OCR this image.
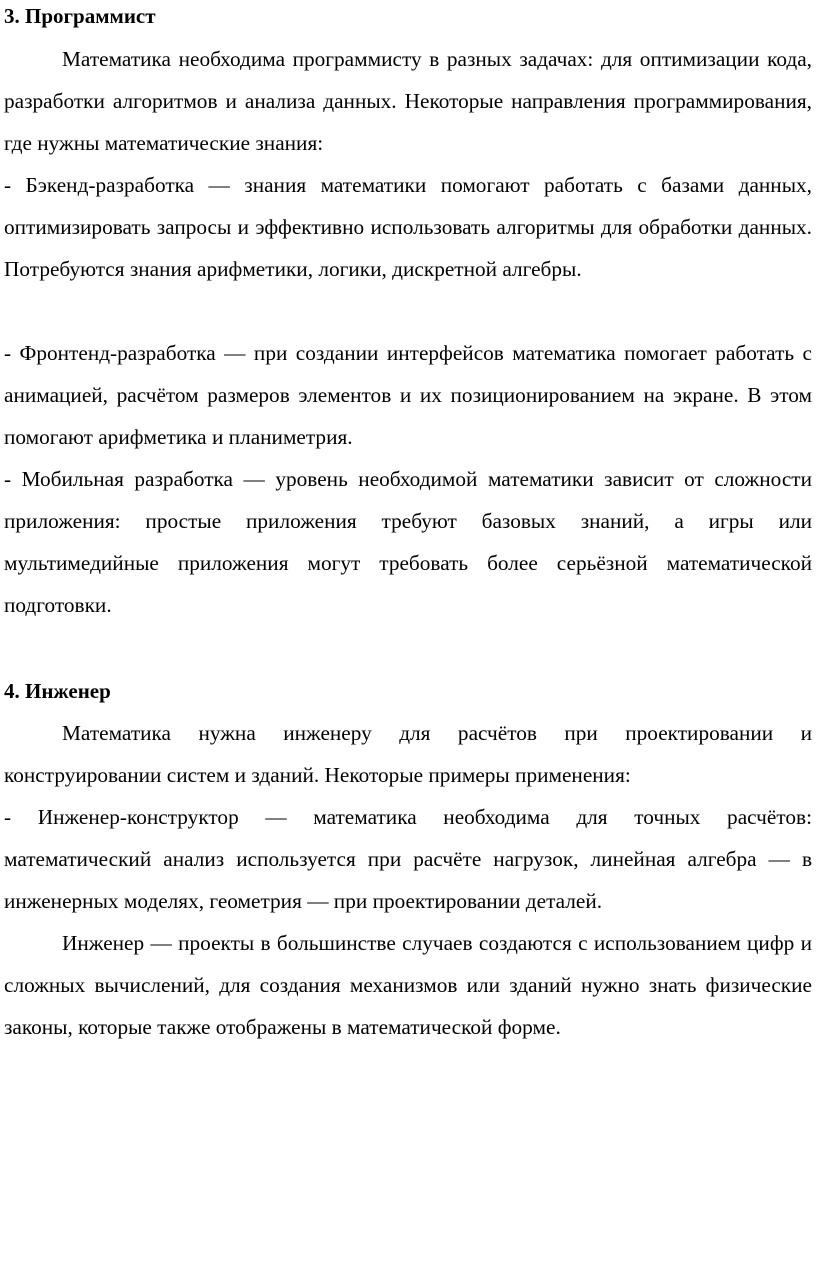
3. Программист

Математика необходима программисту в разных задачах: для оптимизации кода, разработки алгоритмов и анализа данных. Некоторые направления программирования, где нужны математические знания:

- Бэкенд-разработка — знания математики помогают работать с базами данных, оптимизировать запросы и эффективно использовать алгоритмы для обработки данных. Потребуются знания арифметики, логики, дискретной алгебры.

- Фронтенд-разработка — при создании интерфейсов математика помогает работать с анимацией, расчётом размеров элементов и их позиционированием на экране. В этом помогают арифметика и планиметрия.

- Мобильная разработка — уровень необходимой математики зависит от сложности приложения: простые приложения требуют базовых знаний, а игры или мультимедийные приложения могут требовать более серьёзной математической подготовки.

4. Инженер

Математика нужна инженеру для расчётов при проектировании и конструировании систем и зданий. Некоторые примеры применения:

- Инженер-конструктор — математика необходима для точных расчётов: математический анализ используется при расчёте нагрузок, линейная алгебра — в инженерных моделях, геометрия — при проектировании деталей.

Инженер — проекты в большинстве случаев создаются с использованием цифр и сложных вычислений, для создания механизмов или зданий нужно знать физические законы, которые также отображены в математической форме.
